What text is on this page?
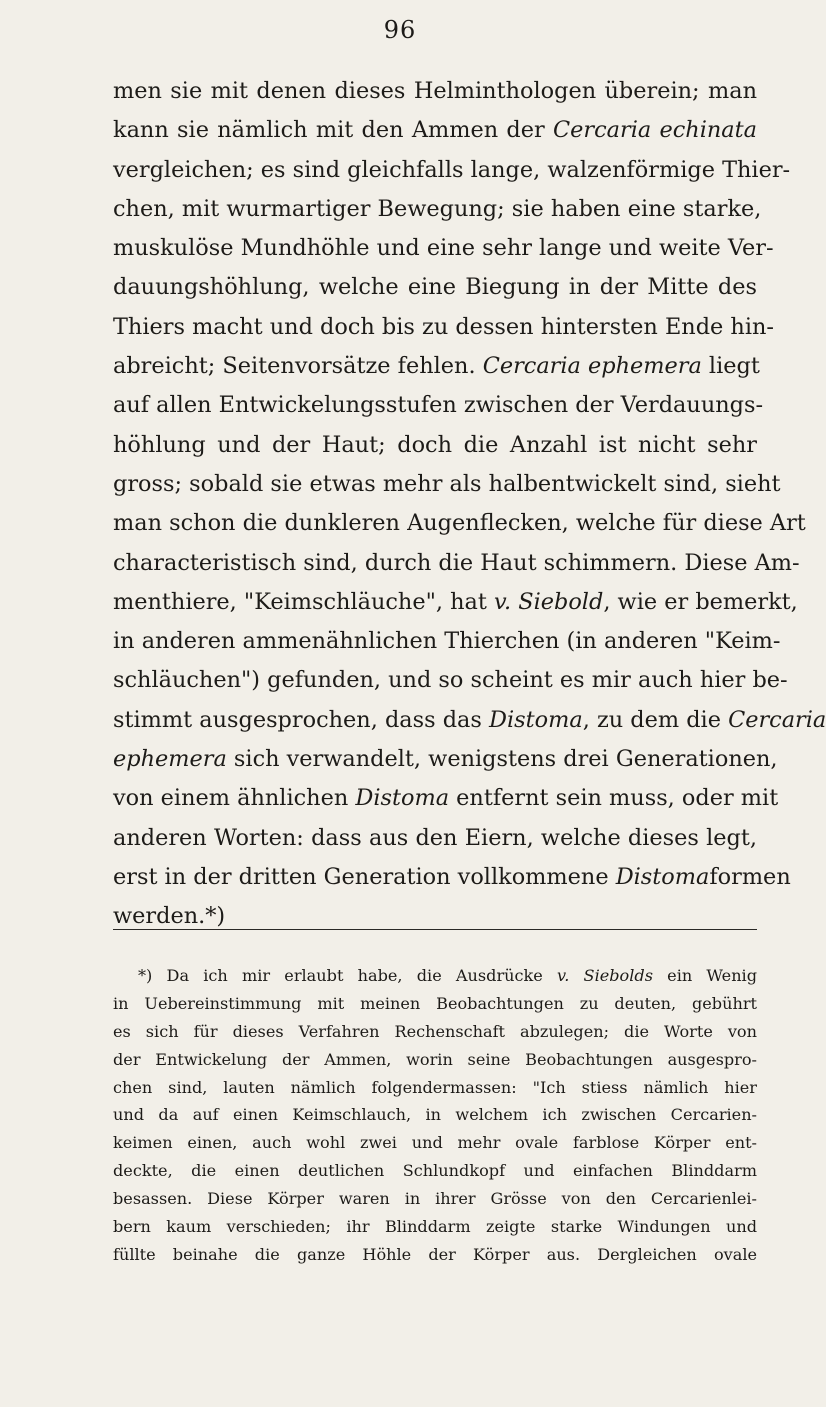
96
men sie mit denen dieses Helminthologen überein; man
kann sie nämlich mit den Ammen der Cercaria echinata
vergleichen; es sind gleichfalls lange, walzenförmige Thier-
chen, mit wurmartiger Bewegung; sie haben eine starke,
muskulöse Mundhöhle und eine sehr lange und weite Ver-
dauungshöhlung, welche eine Biegung in der Mitte des
Thiers macht und doch bis zu dessen hintersten Ende hin-
abreicht; Seitenvorsätze fehlen. Cercaria ephemera liegt
auf allen Entwickelungsstufen zwischen der Verdauungs-
höhlung und der Haut; doch die Anzahl ist nicht sehr
gross; sobald sie etwas mehr als halbentwickelt sind, sieht
man schon die dunkleren Augenflecken, welche für diese Art
characteristisch sind, durch die Haut schimmern. Diese Am-
menthiere, "Keimschläuche", hat v. Siebold, wie er bemerkt,
in anderen ammenähnlichen Thierchen (in anderen "Keim-
schläuchen") gefunden, und so scheint es mir auch hier be-
stimmt ausgesprochen, dass das Distoma, zu dem die Cercaria
ephemera sich verwandelt, wenigstens drei Generationen,
von einem ähnlichen Distoma entfernt sein muss, oder mit
anderen Worten: dass aus den Eiern, welche dieses legt,
erst in der dritten Generation vollkommene Distomaformen
werden.*)
*) Da ich mir erlaubt habe, die Ausdrücke v. Siebolds ein Wenig
in Uebereinstimmung mit meinen Beobachtungen zu deuten, gebührt
es sich für dieses Verfahren Rechenschaft abzulegen; die Worte von
der Entwickelung der Ammen, worin seine Beobachtungen ausgespro-
chen sind, lauten nämlich folgendermassen: "Ich stiess nämlich hier
und da auf einen Keimschlauch, in welchem ich zwischen Cercarien-
keimen einen, auch wohl zwei und mehr ovale farblose Körper ent-
deckte, die einen deutlichen Schlundkopf und einfachen Blinddarm
besassen. Diese Körper waren in ihrer Grösse von den Cercarienlei-
bern kaum verschieden; ihr Blinddarm zeigte starke Windungen und
füllte beinahe die ganze Höhle der Körper aus. Dergleichen ovale
